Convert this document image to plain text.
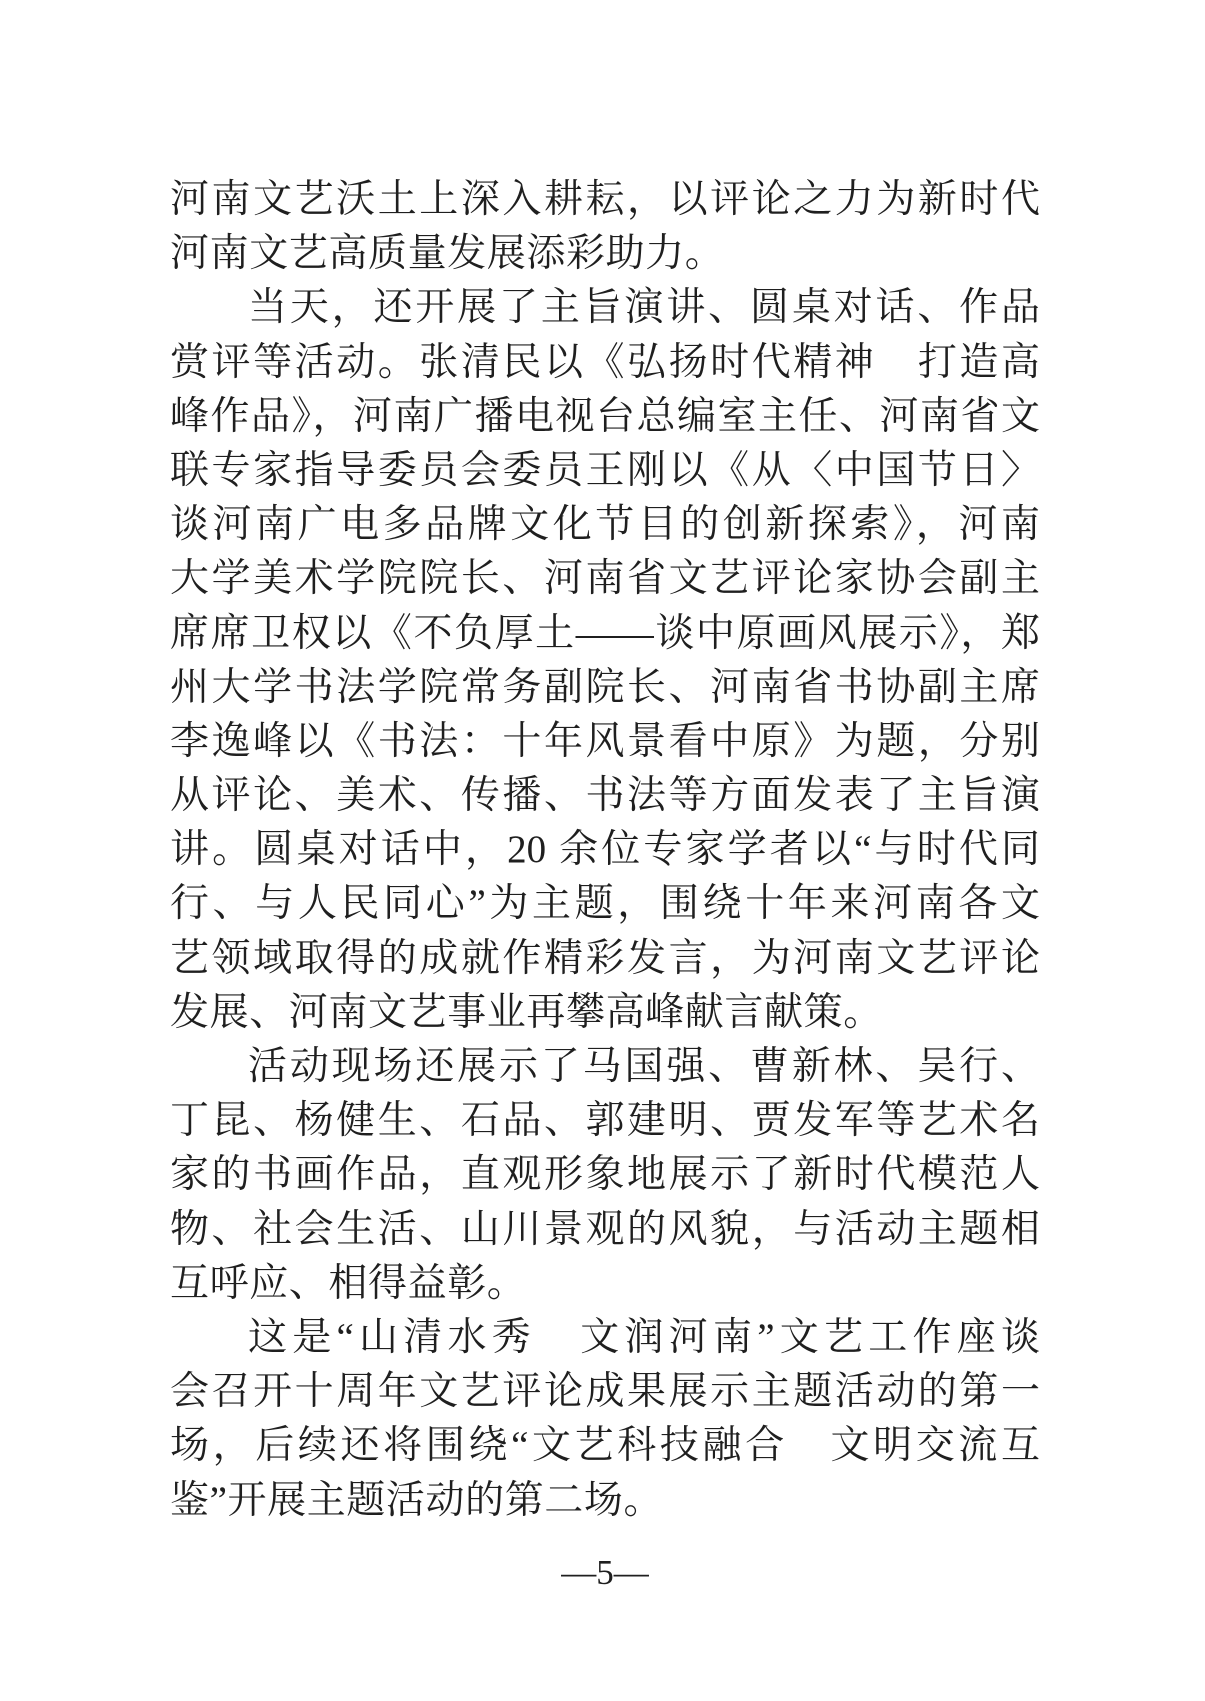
河南文艺沃土上深入耕耘，以评论之力为新时代
河南文艺高质量发展添彩助力。
当天，还开展了主旨演讲、圆桌对话、作品
赏评等活动。张清民以《弘扬时代精神　打造高
峰作品》，河南广播电视台总编室主任、河南省文
联专家指导委员会委员王刚以《从〈中国节日〉
谈河南广电多品牌文化节目的创新探索》，河南
大学美术学院院长、河南省文艺评论家协会副主
席席卫权以《不负厚土——谈中原画风展示》，郑
州大学书法学院常务副院长、河南省书协副主席
李逸峰以《书法：十年风景看中原》为题，分别
从评论、美术、传播、书法等方面发表了主旨演
讲。圆桌对话中，20 余位专家学者以“与时代同
行、与人民同心”为主题，围绕十年来河南各文
艺领域取得的成就作精彩发言，为河南文艺评论
发展、河南文艺事业再攀高峰献言献策。
活动现场还展示了马国强、曹新林、吴行、
丁昆、杨健生、石品、郭建明、贾发军等艺术名
家的书画作品，直观形象地展示了新时代模范人
物、社会生活、山川景观的风貌，与活动主题相
互呼应、相得益彰。
这是“山清水秀　文润河南”文艺工作座谈
会召开十周年文艺评论成果展示主题活动的第一
场，后续还将围绕“文艺科技融合　文明交流互
鉴”开展主题活动的第二场。
—5—
